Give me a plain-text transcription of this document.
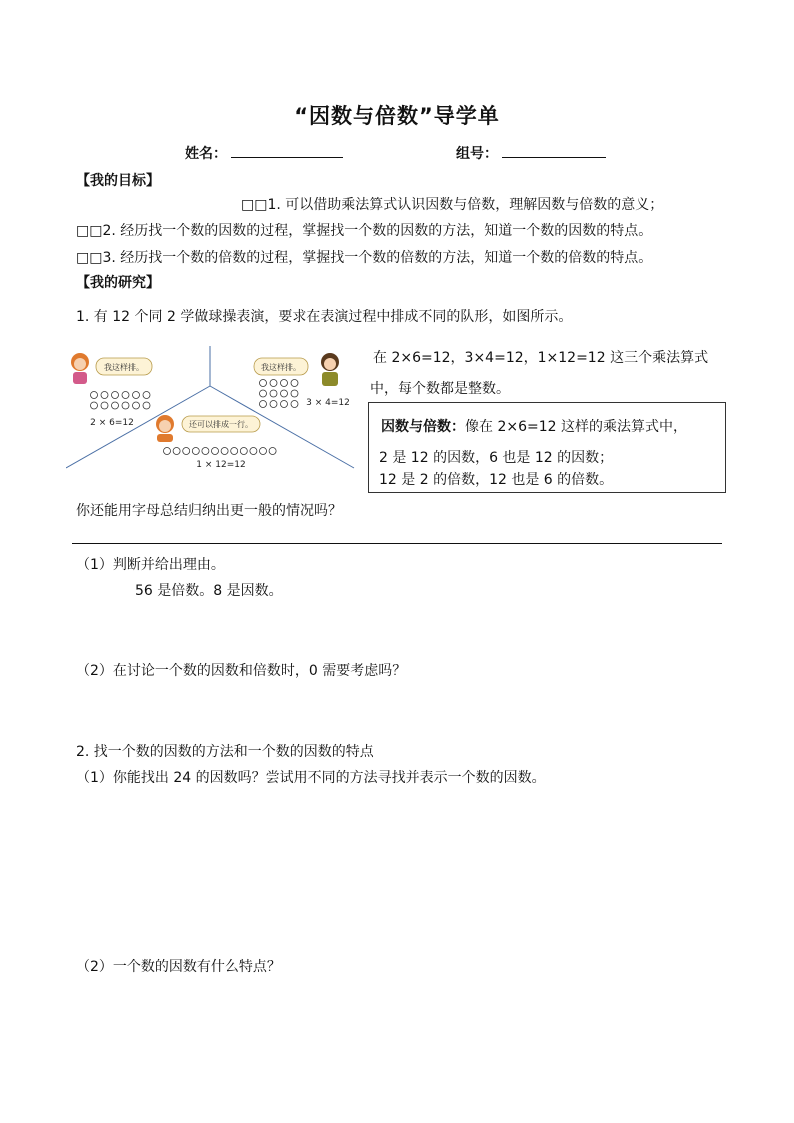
“因数与倍数”导学单
姓名：	组号：
【我的目标】
□□1. 可以借助乘法算式认识因数与倍数，理解因数与倍数的意义；
□□2. 经历找一个数的因数的过程，掌握找一个数的因数的方法，知道一个数的因数的特点。
□□3. 经历找一个数的倍数的过程，掌握找一个数的倍数的方法，知道一个数的倍数的特点。
【我的研究】
1. 有 12 个同 2 学做球操表演，要求在表演过程中排成不同的队形，如图所示。
我这样排。
2 × 6=12
我这样排。
3 × 4=12
还可以排成一行。
1 × 12=12
在 2×6=12，3×4=12，1×12=12 这三个乘法算式
中，每个数都是整数。
因数与倍数：像在 2×6=12 这样的乘法算式中，
2 是 12 的因数，6 也是 12 的因数；
12 是 2 的倍数，12 也是 6 的倍数。
你还能用字母总结归纳出更一般的情况吗？
（1）判断并给出理由。
56 是倍数。8 是因数。
（2）在讨论一个数的因数和倍数时，0 需要考虑吗？
2. 找一个数的因数的方法和一个数的因数的特点
（1）你能找出 24 的因数吗？尝试用不同的方法寻找并表示一个数的因数。
（2）一个数的因数有什么特点？
